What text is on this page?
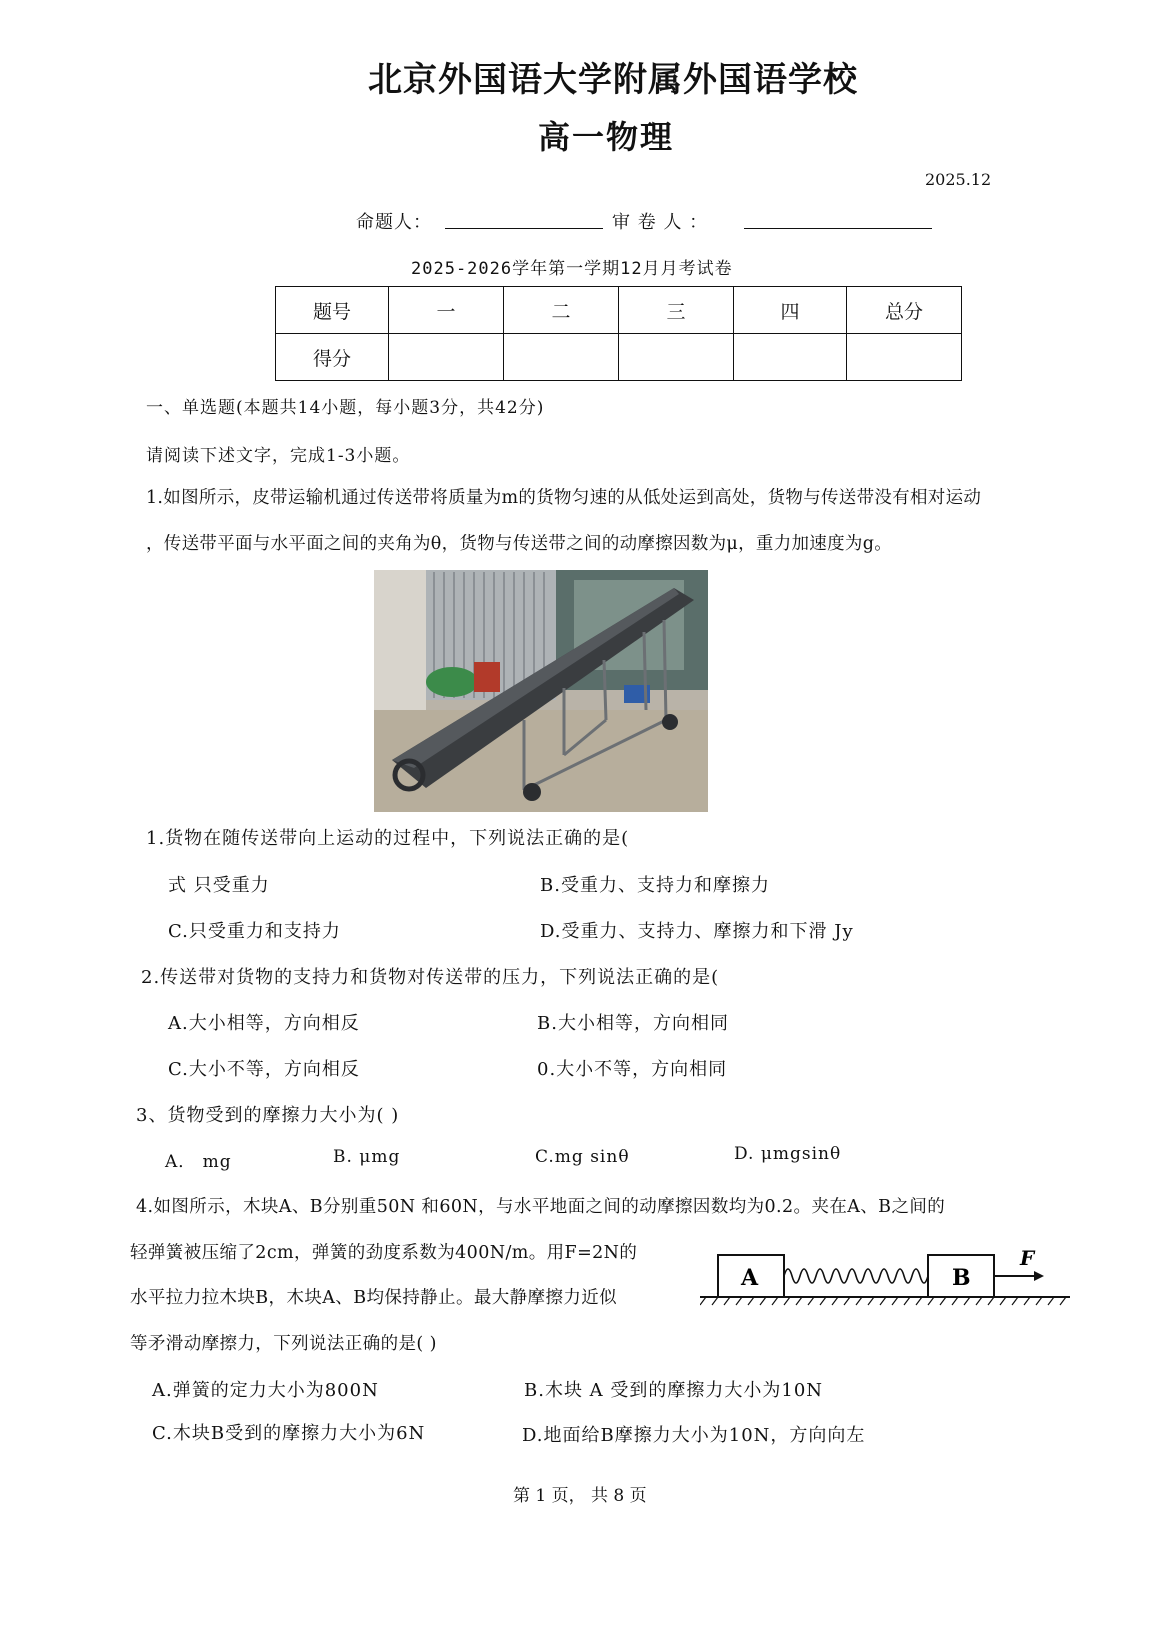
北京外国语大学附属外国语学校
高一物理
2025.12
命题人：	审 卷 人 ：
2025-2026学年第一学期12月月考试卷
题号	一	二	三	四	总分
得分					
一、单选题(本题共14小题，每小题3分，共42分)
请阅读下述文字，完成1-3小题。
1.如图所示，皮带运输机通过传送带将质量为m的货物匀速的从低处运到高处，货物与传送带没有相对运动
，传送带平面与水平面之间的夹角为θ，货物与传送带之间的动摩擦因数为μ，重力加速度为g。
1.货物在随传送带向上运动的过程中，下列说法正确的是(
式 只受重力	B.受重力、支持力和摩擦力
C.只受重力和支持力	D.受重力、支持力、摩擦力和下滑 Jy
2.传送带对货物的支持力和货物对传送带的压力，下列说法正确的是(
A.大小相等，方向相反	B.大小相等，方向相同
C.大小不等，方向相反	0.大小不等，方向相同
3、货物受到的摩擦力大小为( )
A． mg	B. μmg	C.mg sinθ	D. μmgsinθ
4.如图所示，木块A、B分别重50N 和60N，与水平地面之间的动摩擦因数均为0.2。夹在A、B之间的
轻弹簧被压缩了2cm，弹簧的劲度系数为400N/m。用F=2N的
水平拉力拉木块B，木块A、B均保持静止。最大静摩擦力近似
等矛滑动摩擦力，下列说法正确的是( )
A	B
F
A.弹簧的定力大小为800N	B.木块 A 受到的摩擦力大小为10N
C.木块B受到的摩擦力大小为6N	D.地面给B摩擦力大小为10N，方向向左
第 1 页， 共 8 页
